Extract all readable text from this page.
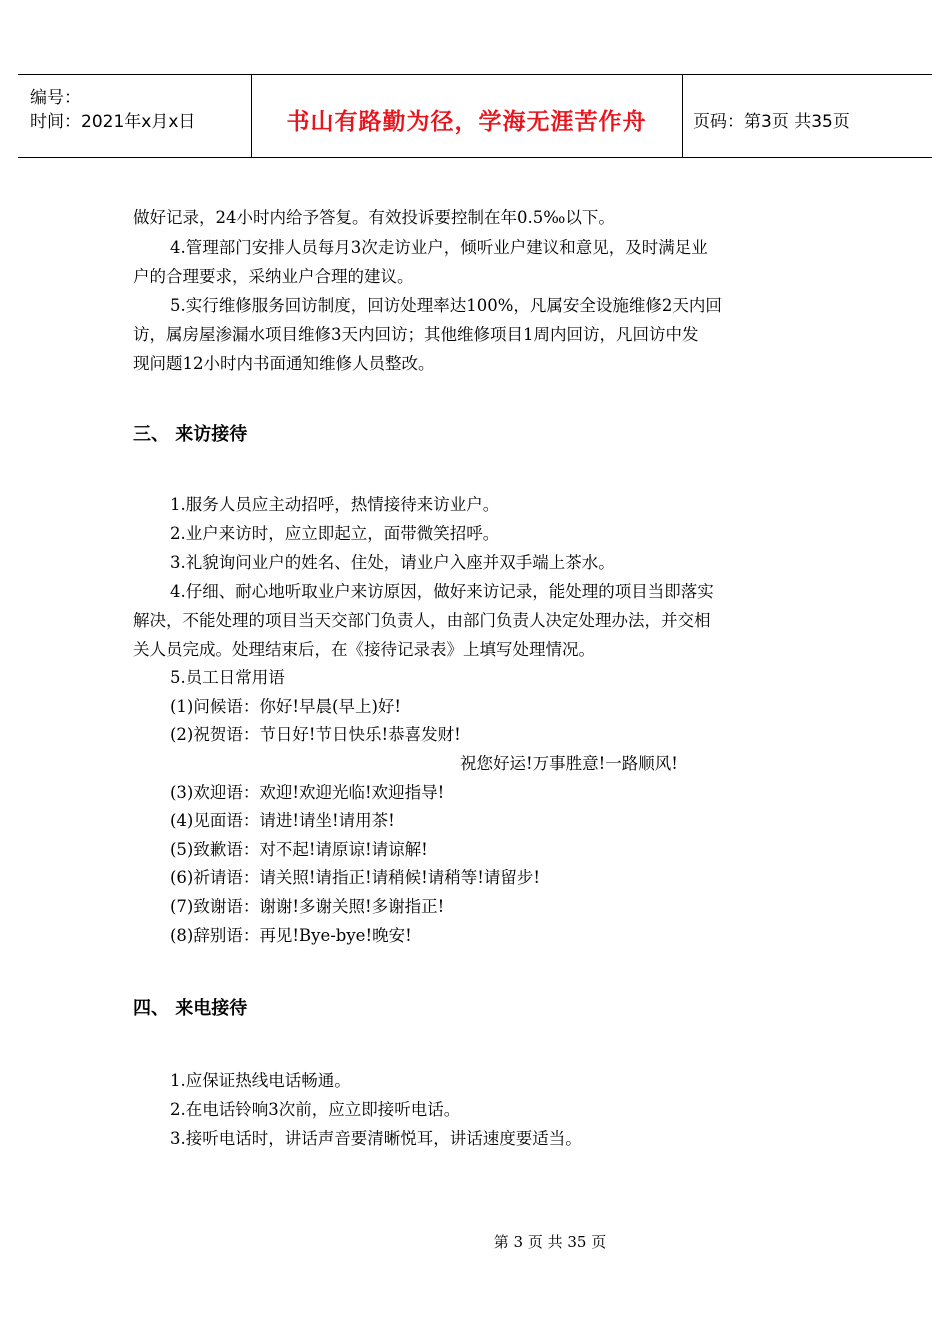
编号：
时间：2021年x月x日	书山有路勤为径，学海无涯苦作舟	页码：第3页 共35页
做好记录，24小时内给予答复。有效投诉要控制在年0.5‰以下。
4.管理部门安排人员每月3次走访业户，倾听业户建议和意见，及时满足业
户的合理要求，采纳业户合理的建议。
5.实行维修服务回访制度，回访处理率达100%，凡属安全设施维修2天内回
访，属房屋渗漏水项目维修3天内回访；其他维修项目1周内回访，凡回访中发
现问题12小时内书面通知维修人员整改。
三、 来访接待
1.服务人员应主动招呼，热情接待来访业户。
2.业户来访时，应立即起立，面带微笑招呼。
3.礼貌询问业户的姓名、住处，请业户入座并双手端上茶水。
4.仔细、耐心地听取业户来访原因，做好来访记录，能处理的项目当即落实
解决，不能处理的项目当天交部门负责人，由部门负责人决定处理办法，并交相
关人员完成。处理结束后，在《接待记录表》上填写处理情况。
5.员工日常用语
(1)问候语：你好!早晨(早上)好!
(2)祝贺语：节日好!节日快乐!恭喜发财!
祝您好运!万事胜意!一路顺风!
(3)欢迎语：欢迎!欢迎光临!欢迎指导!
(4)见面语：请进!请坐!请用茶!
(5)致歉语：对不起!请原谅!请谅解!
(6)祈请语：请关照!请指正!请稍候!请稍等!请留步!
(7)致谢语：谢谢!多谢关照!多谢指正!
(8)辞别语：再见!Bye-bye!晚安!
四、 来电接待
1.应保证热线电话畅通。
2.在电话铃响3次前，应立即接听电话。
3.接听电话时，讲话声音要清晰悦耳，讲话速度要适当。
第 3 页 共 35 页
